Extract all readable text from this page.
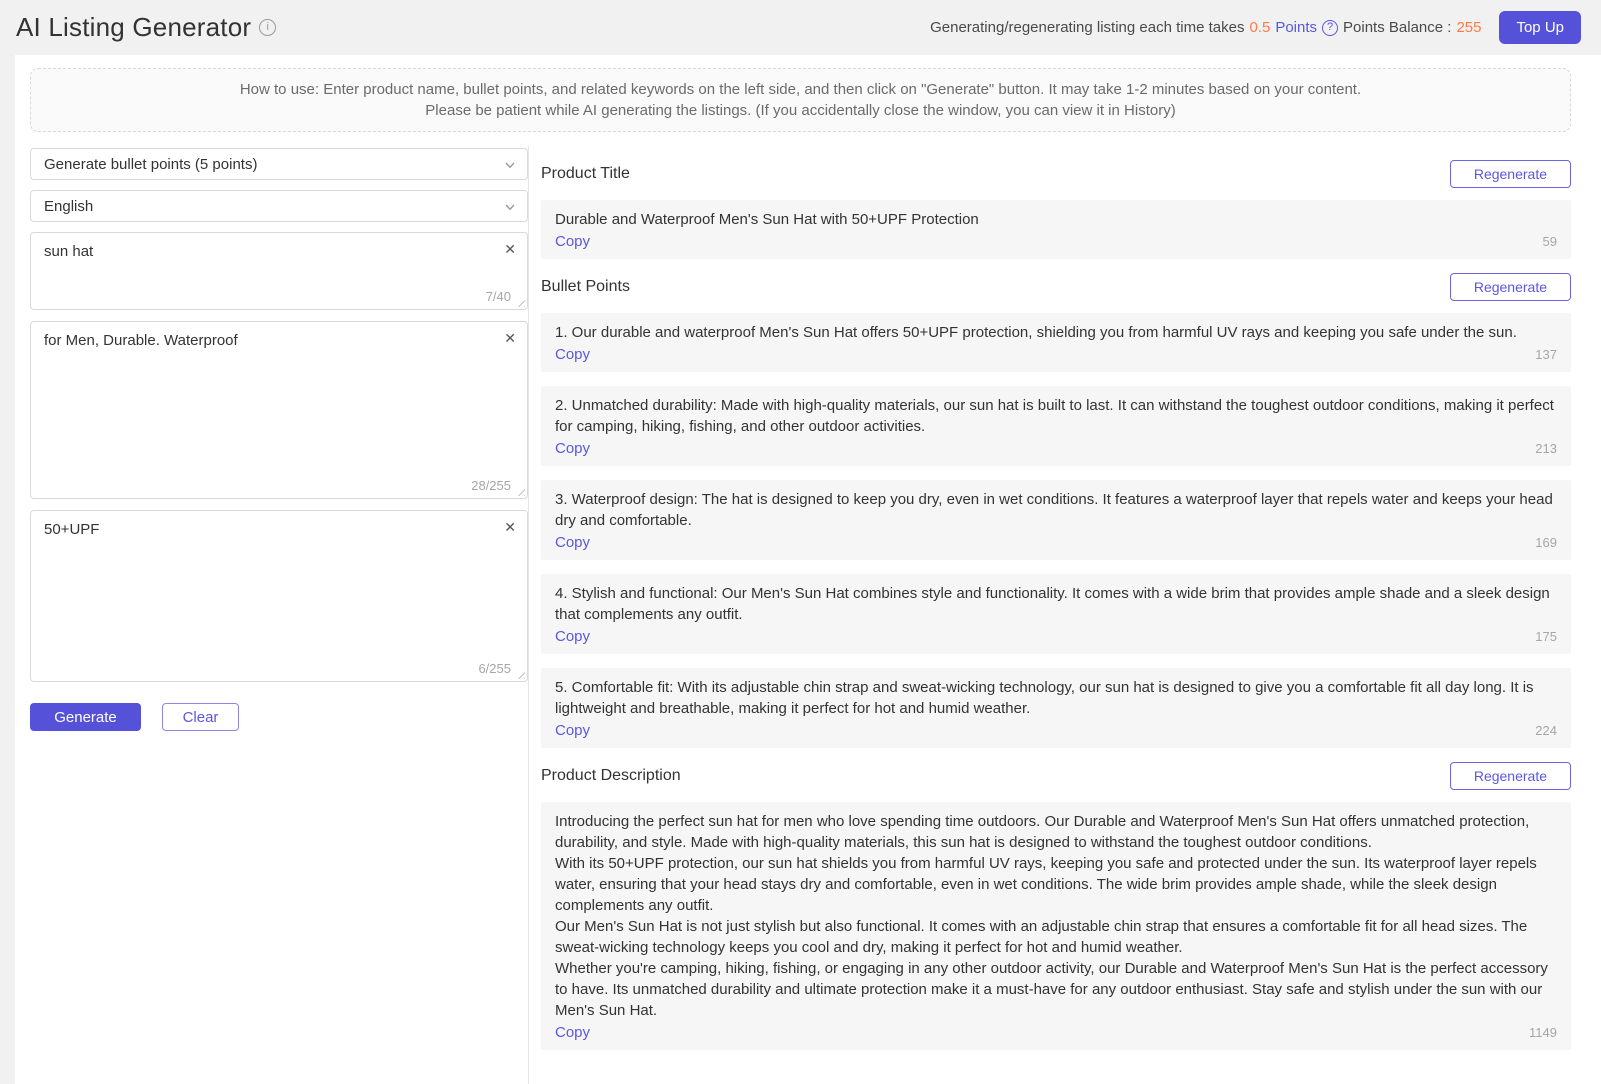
AI Listing Generator	i	Generating/regenerating listing each time takes 0.5 Points ? Points Balance : 255	Top Up
How to use: Enter product name, bullet points, and related keywords on the left side, and then click on "Generate" button. It may take 1-2 minutes based on your content.
Please be patient while AI generating the listings. (If you accidentally close the window, you can view it in History)
Generate bullet points (5 points)
English
sun hat
✕
7/40
for Men, Durable. Waterproof
✕
28/255
50+UPF
✕
6/255
Generate	Clear
Product Title	Regenerate

Durable and Waterproof Men's Sun Hat with 50+UPF Protection

Copy	59
Bullet Points	Regenerate

1. Our durable and waterproof Men's Sun Hat offers 50+UPF protection, shielding you from harmful UV rays and keeping you safe under the sun.

Copy	137

2. Unmatched durability: Made with high-quality materials, our sun hat is built to last. It can withstand the toughest outdoor conditions, making it perfect for camping, hiking, fishing, and other outdoor activities.

Copy	213

3. Waterproof design: The hat is designed to keep you dry, even in wet conditions. It features a waterproof layer that repels water and keeps your head dry and comfortable.

Copy	169

4. Stylish and functional: Our Men's Sun Hat combines style and functionality. It comes with a wide brim that provides ample shade and a sleek design that complements any outfit.

Copy	175

5. Comfortable fit: With its adjustable chin strap and sweat-wicking technology, our sun hat is designed to give you a comfortable fit all day long. It is lightweight and breathable, making it perfect for hot and humid weather.

Copy	224
Product Description	Regenerate

Introducing the perfect sun hat for men who love spending time outdoors. Our Durable and Waterproof Men's Sun Hat offers unmatched protection, durability, and style. Made with high-quality materials, this sun hat is designed to withstand the toughest outdoor conditions.

With its 50+UPF protection, our sun hat shields you from harmful UV rays, keeping you safe and protected under the sun. Its waterproof layer repels water, ensuring that your head stays dry and comfortable, even in wet conditions. The wide brim provides ample shade, while the sleek design complements any outfit.

Our Men's Sun Hat is not just stylish but also functional. It comes with an adjustable chin strap that ensures a comfortable fit for all head sizes. The sweat-wicking technology keeps you cool and dry, making it perfect for hot and humid weather.

Whether you're camping, hiking, fishing, or engaging in any other outdoor activity, our Durable and Waterproof Men's Sun Hat is the perfect accessory to have. Its unmatched durability and ultimate protection make it a must-have for any outdoor enthusiast. Stay safe and stylish under the sun with our Men's Sun Hat.

Copy	1149
